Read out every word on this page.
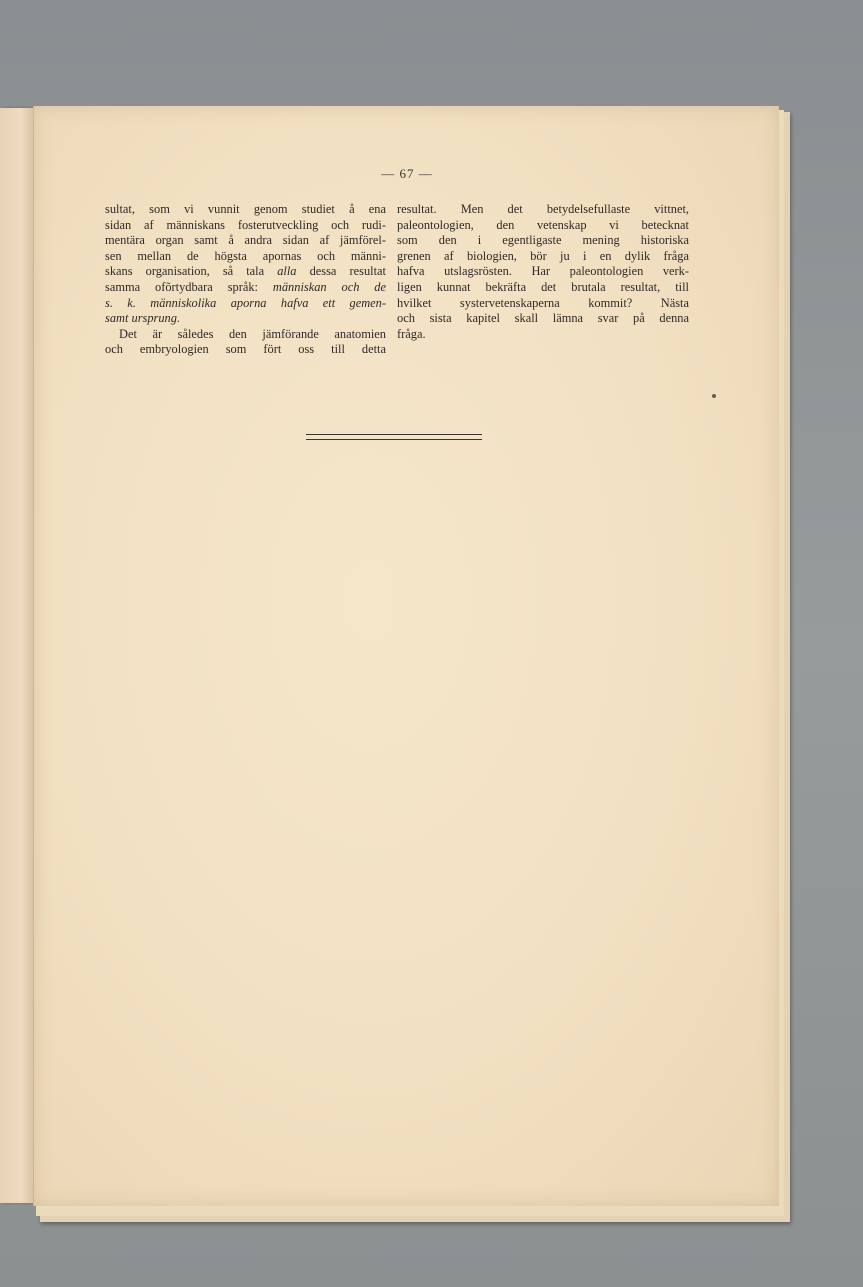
— 67 —
sultat, som vi vunnit genom studiet å ena
sidan af människans fosterutveckling och rudi-
mentära organ samt å andra sidan af jämförel-
sen mellan de högsta apornas och männi-
skans organisation, så tala alla dessa resultat
samma ofõrtydbara språk: människan och de
s. k. människolika aporna hafva ett gemen-
samt ursprung.
Det är således den jämförande anatomien
och embryologien som fört oss till detta
resultat. Men det betydelsefullaste vittnet,
paleontologien, den vetenskap vi betecknat
som den i egentligaste mening historiska
grenen af biologien, bör ju i en dylik fråga
hafva utslagsrösten. Har paleontologien verk-
ligen kunnat bekräfta det brutala resultat, till
hvilket systervetenskaperna kommit? Nästa
och sista kapitel skall lämna svar på denna
fråga.
